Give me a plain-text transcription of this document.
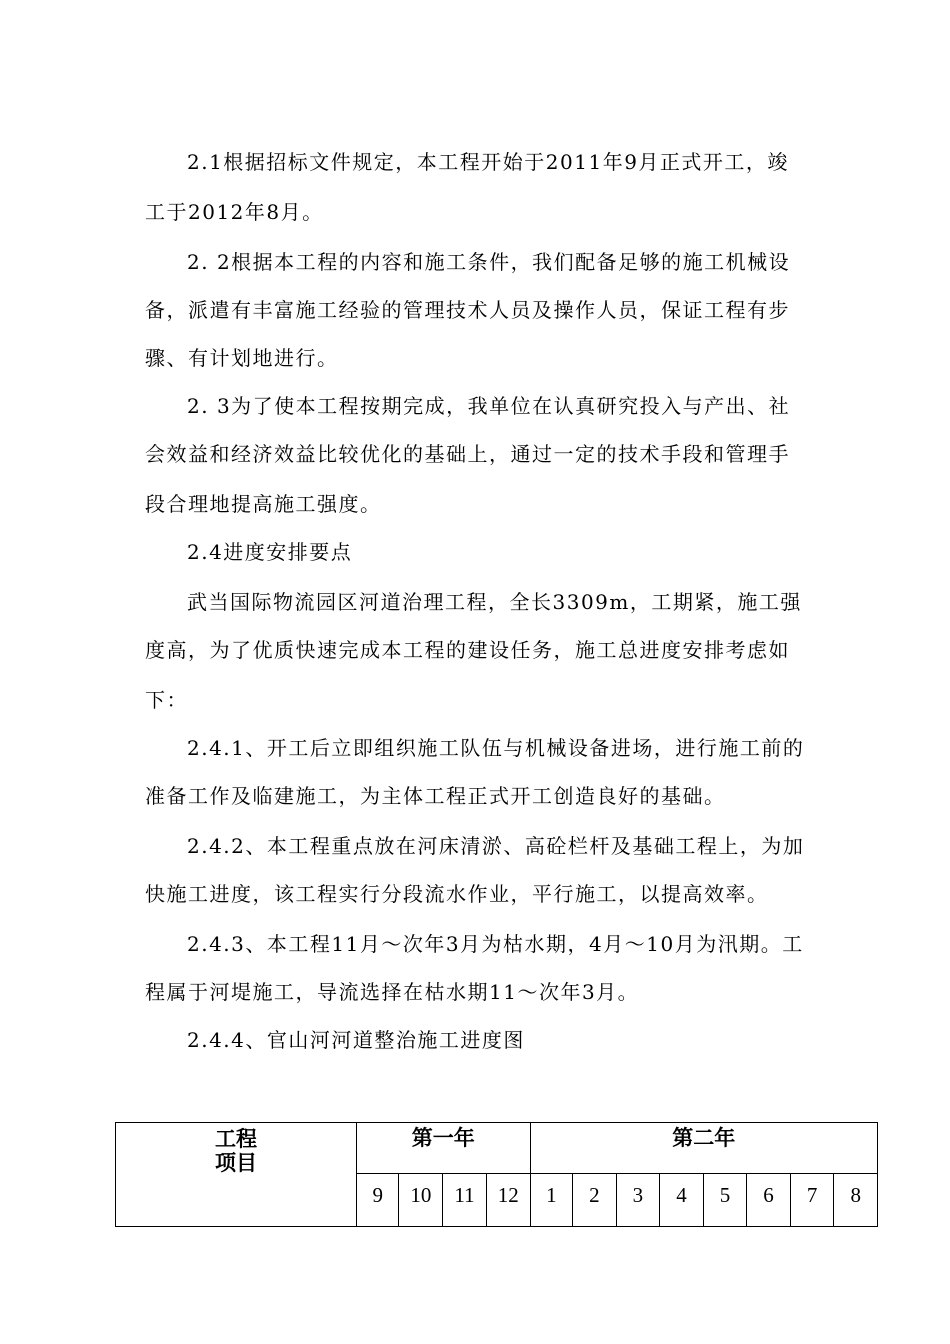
2.1根据招标文件规定，本工程开始于2011年9月正式开工，竣
工于2012年8月。
2. 2根据本工程的内容和施工条件，我们配备足够的施工机械设
备，派遣有丰富施工经验的管理技术人员及操作人员，保证工程有步
骤、有计划地进行。
2. 3为了使本工程按期完成，我单位在认真研究投入与产出、社
会效益和经济效益比较优化的基础上，通过一定的技术手段和管理手
段合理地提高施工强度。
2.4进度安排要点
武当国际物流园区河道治理工程，全长3309m，工期紧，施工强
度高，为了优质快速完成本工程的建设任务，施工总进度安排考虑如
下：
2.4.1、开工后立即组织施工队伍与机械设备进场，进行施工前的
准备工作及临建施工，为主体工程正式开工创造良好的基础。
2.4.2、本工程重点放在河床清淤、高砼栏杆及基础工程上，为加
快施工进度，该工程实行分段流水作业，平行施工，以提高效率。
2.4.3、本工程11月～次年3月为枯水期，4月～10月为汛期。工
程属于河堤施工，导流选择在枯水期11～次年3月。
2.4.4、官山河河道整治施工进度图
工程
项目	第一年				第二年							
	9	10	11	12	1	2	3	4	5	6	7	8
